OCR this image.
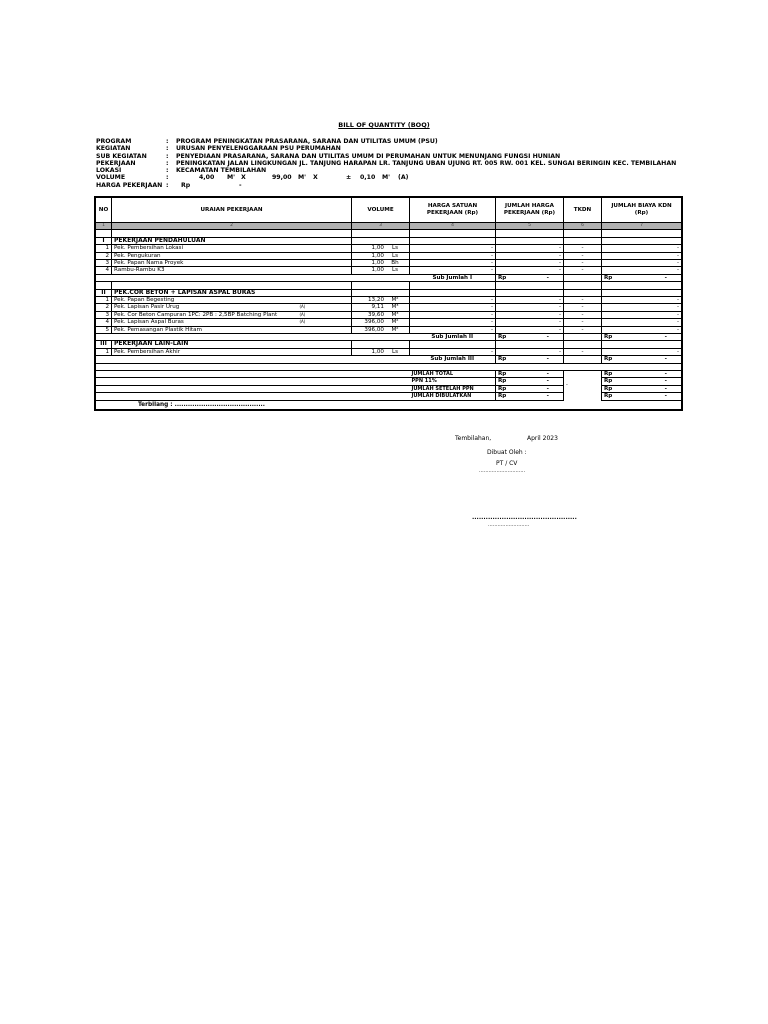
BILL OF QUANTITY (BOQ)
PROGRAM	: PROGRAM PENINGKATAN PRASARANA, SARANA DAN UTILITAS UMUM (PSU)
KEGIATAN	: URUSAN PENYELENGGARAAN PSU PERUMAHAN
SUB KEGIATAN	: PENYEDIAAN PRASARANA, SARANA DAN UTILITAS UMUM DI PERUMAHAN UNTUK MENUNJANG FUNGSI HUNIAN
PEKERJAAN	: PENINGKATAN JALAN LINGKUNGAN JL. TANJUNG HARAPAN LR. TANJUNG UBAN UJUNG RT. 005 RW. 001 KEL. SUNGAI BERINGIN KEC. TEMBILAHAN
LOKASI	: KECAMATAN TEMBILAHAN
VOLUME	:	4,00 M' X	99,00 M' X	± 0,10 M' (A)
HARGA PEKERJAAN : Rp	-
NO	URAIAN PEKERJAAN			VOLUME	HARGA SATUAN PEKERJAAN (Rp)	JUMLAH HARGA PEKERJAAN (Rp)	TKDN	JUMLAH BIAYA KDN (Rp)
1	2			3	4	5	6	7

I	PEKERJAAN PENDAHULUAN							
1	Pek. Pembersihan Lokasi			1,00 Ls	-	-	-	-
2	Pek. Pengukuran			1,00 Ls	-	-	-	-
3	Pek. Papan Nama Proyek			1,00 Bh	-	-	-	-
4	Rambu-Rambu K3			1,00 Ls	-	-	-	-
					Sub Jumlah I	Rp -		Rp -

II	PEK.COR BETON + LAPISAN ASPAL BURAS							
1	Pek. Papan Begesting			13,20 M²	-	-	-	-
2	Pek. Lapisan Pasir Urug	(A)		9,11 M³	-	-	-	-
3	Pek. Cor Beton Campuran 1PC: 2PB : 2,5BP Batching Plant	(A)		39,60 M³	-	-	-	-
4	Pek. Lapisan Aspal Buras	(A)		396,00 M²	-	-	-	-
5	Pek. Pemasangan Plastik Hitam			396,00 M²	-	-	-	-
					Sub Jumlah II	Rp -		Rp -

III	PEKERJAAN LAIN-LAIN							
1	Pek. Pembersihan Akhir			1,00 Ls	-	-	-	-
					Sub Jumlah III	Rp -		Rp -

					JUMLAH TOTAL	Rp -	-	Rp -

					PPN 11%	Rp -		Rp -

					JUMLAH SETELAH PPN	Rp -		Rp -

					JUMLAH DIBULATKAN	Rp -		Rp -

Terbilang : .........................................								
Tembilahan,	April 2023
Dibuat Oleh :
PT / CV
.............................
..............................................
..........................
